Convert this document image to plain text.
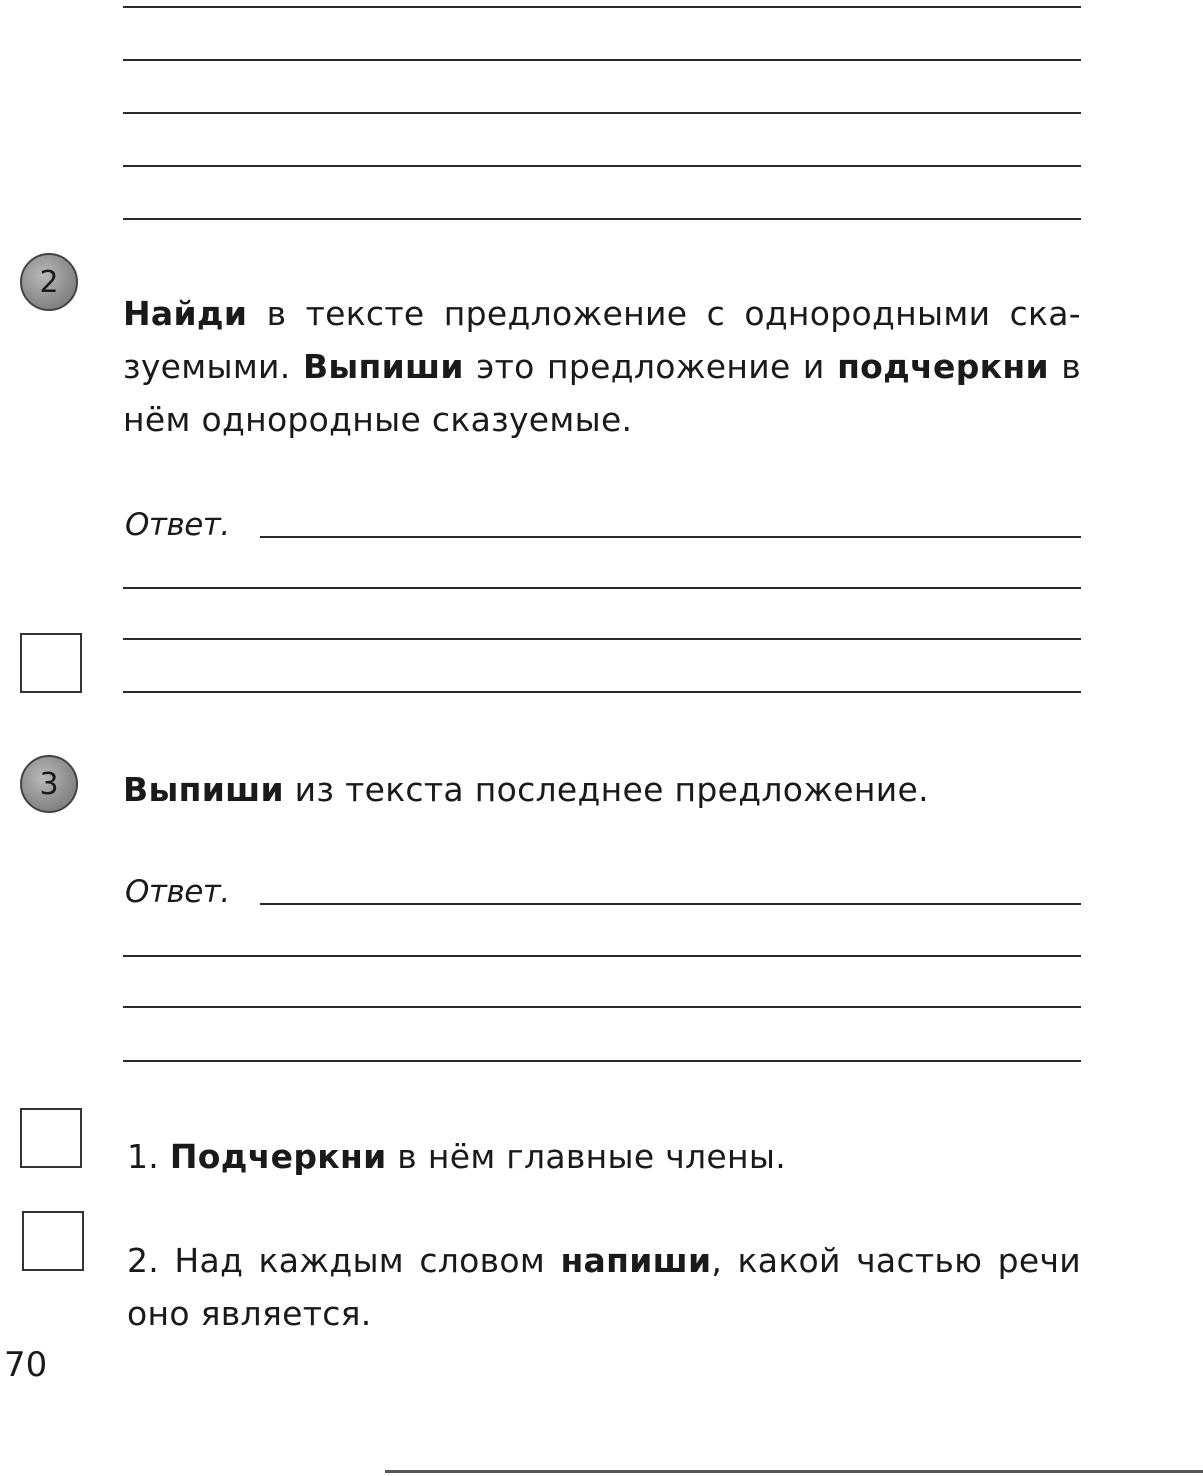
2
Найди в тексте предложение с однородными ска-зуемыми. Выпиши это предложение и подчеркни в нём однородные сказуемые.
Ответ.
3 Выпиши из текста последнее предложение.
Ответ.
1. Подчеркни в нём главные члены.
2. Над каждым словом напиши, какой частью речи оно является.
70
